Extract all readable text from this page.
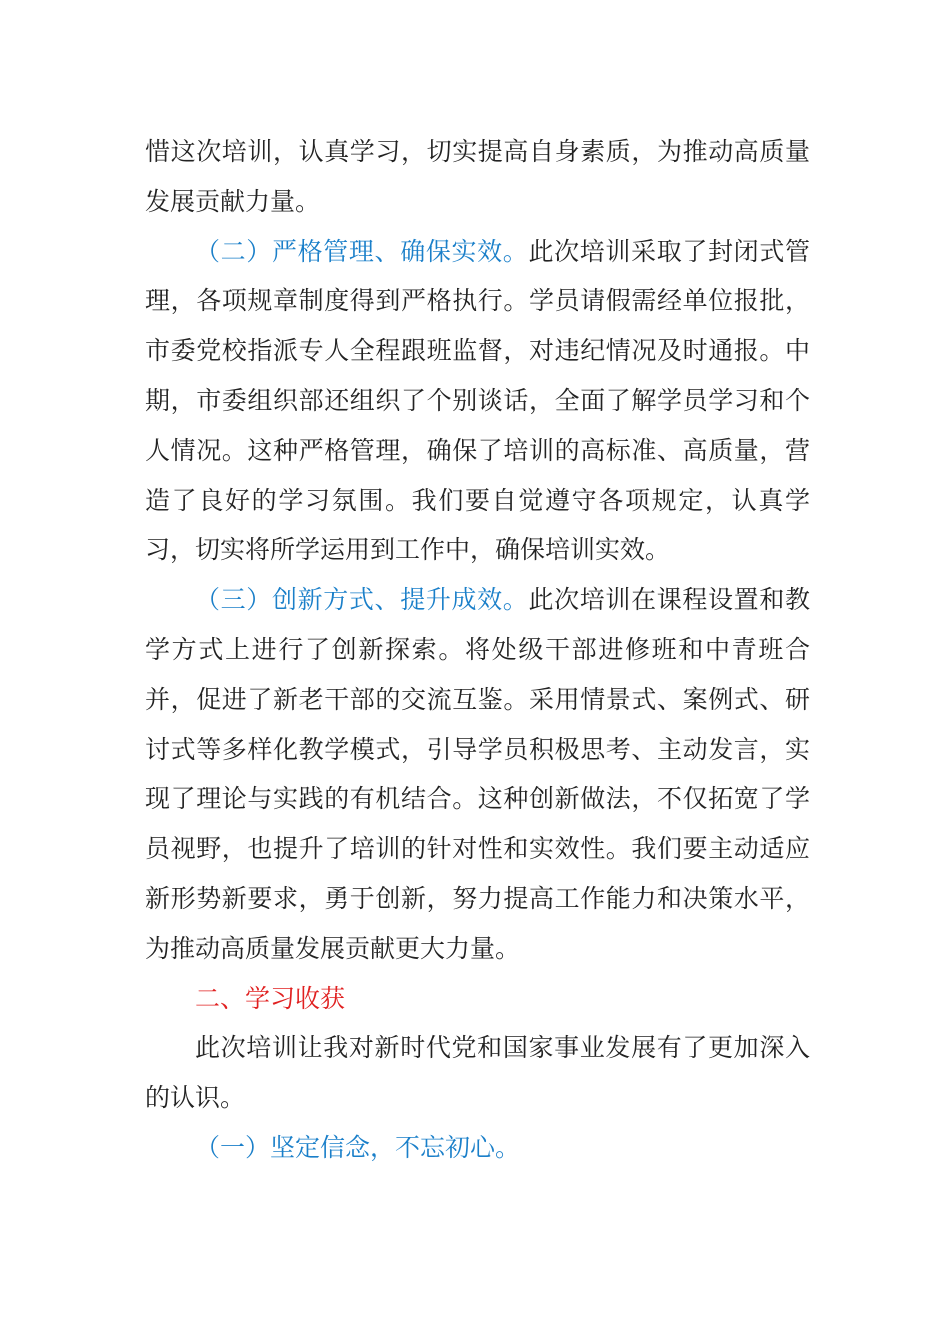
惜这次培训，认真学习，切实提高自身素质，为推动高质量发展贡献力量。

（二）严格管理、确保实效。此次培训采取了封闭式管理，各项规章制度得到严格执行。学员请假需经单位报批，市委党校指派专人全程跟班监督，对违纪情况及时通报。中期，市委组织部还组织了个别谈话，全面了解学员学习和个人情况。这种严格管理，确保了培训的高标准、高质量，营造了良好的学习氛围。我们要自觉遵守各项规定，认真学习，切实将所学运用到工作中，确保培训实效。

（三）创新方式、提升成效。此次培训在课程设置和教学方式上进行了创新探索。将处级干部进修班和中青班合并，促进了新老干部的交流互鉴。采用情景式、案例式、研讨式等多样化教学模式，引导学员积极思考、主动发言，实现了理论与实践的有机结合。这种创新做法，不仅拓宽了学员视野，也提升了培训的针对性和实效性。我们要主动适应新形势新要求，勇于创新，努力提高工作能力和决策水平，为推动高质量发展贡献更大力量。

二、学习收获

此次培训让我对新时代党和国家事业发展有了更加深入的认识。

（一）坚定信念，不忘初心。
